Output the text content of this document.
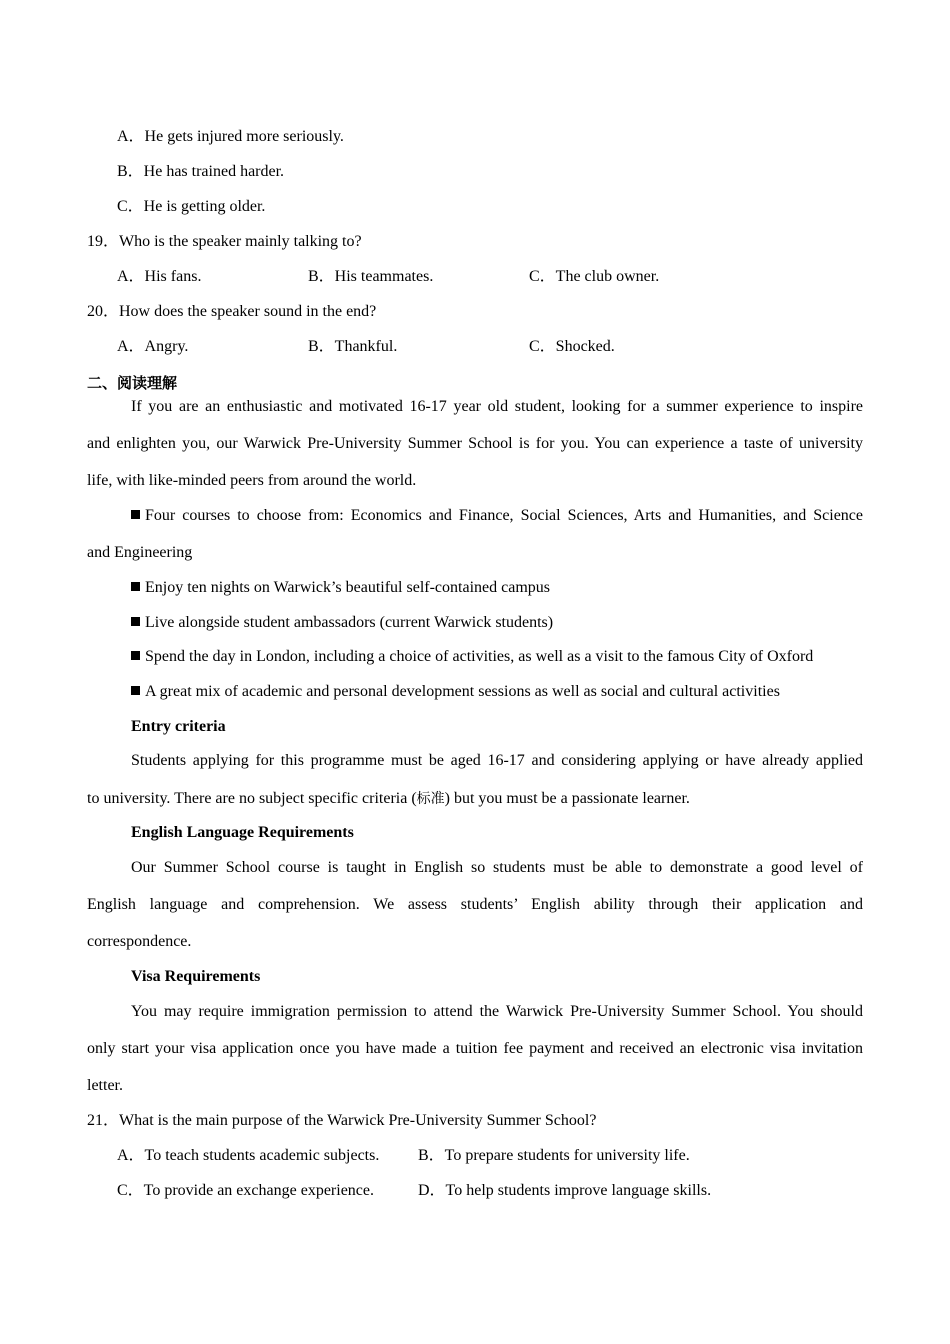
A．He gets injured more seriously.
B．He has trained harder.
C．He is getting older.
19．Who is the speaker mainly talking to?
A．His fans.	B．His teammates.	C．The club owner.
20．How does the speaker sound in the end?
A．Angry.	B．Thankful.	C．Shocked.
二、阅读理解
If you are an enthusiastic and motivated 16-17 year old student, looking for a summer experience to inspire
and enlighten you, our Warwick Pre-University Summer School is for you. You can experience a taste of university
life, with like-minded peers from around the world.
Four courses to choose from: Economics and Finance, Social Sciences, Arts and Humanities, and Science
and Engineering
Enjoy ten nights on Warwick’s beautiful self-contained campus
Live alongside student ambassadors (current Warwick students)
Spend the day in London, including a choice of activities, as well as a visit to the famous City of Oxford
A great mix of academic and personal development sessions as well as social and cultural activities
Entry criteria
Students applying for this programme must be aged 16-17 and considering applying or have already applied
to university. There are no subject specific criteria (标准) but you must be a passionate learner.
English Language Requirements
Our Summer School course is taught in English so students must be able to demonstrate a good level of
English language and comprehension. We assess students’ English ability through their application and
correspondence.
Visa Requirements
You may require immigration permission to attend the Warwick Pre-University Summer School. You should
only start your visa application once you have made a tuition fee payment and received an electronic visa invitation
letter.
21．What is the main purpose of the Warwick Pre-University Summer School?
A．To teach students academic subjects. B．To prepare students for university life.
C．To provide an exchange experience.	D．To help students improve language skills.
